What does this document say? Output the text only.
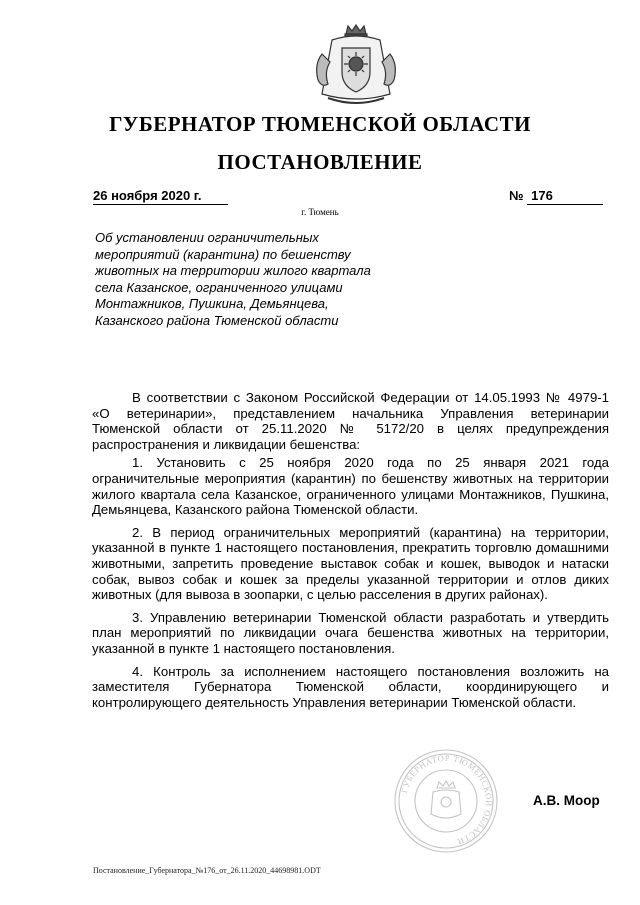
ГУБЕРНАТОР ТЮМЕНСКОЙ ОБЛАСТИ
ПОСТАНОВЛЕНИЕ
26 ноября 2020 г.	№ 176
г. Тюмень
Об установлении ограничительных мероприятий (карантина) по бешенству животных на территории жилого квартала села Казанское, ограниченного улицами Монтажников, Пушкина, Демьянцева, Казанского района Тюменской области

В соответствии с Законом Российской Федерации от 14.05.1993 № 4979-1 «О ветеринарии», представлением начальника Управления ветеринарии Тюменской области от 25.11.2020 № 5172/20 в целях предупреждения распространения и ликвидации бешенства:

1. Установить с 25 ноября 2020 года по 25 января 2021 года ограничительные мероприятия (карантин) по бешенству животных на территории жилого квартала села Казанское, ограниченного улицами Монтажников, Пушкина, Демьянцева, Казанского района Тюменской области.

2. В период ограничительных мероприятий (карантина) на территории, указанной в пункте 1 настоящего постановления, прекратить торговлю домашними животными, запретить проведение выставок собак и кошек, выводок и натаски собак, вывоз собак и кошек за пределы указанной территории и отлов диких животных (для вывоза в зоопарки, с целью расселения в других районах).

3. Управлению ветеринарии Тюменской области разработать и утвердить план мероприятий по ликвидации очага бешенства животных на территории, указанной в пункте 1 настоящего постановления.

4. Контроль за исполнением настоящего постановления возложить на заместителя Губернатора Тюменской области, координирующего и контролирующего деятельность Управления ветеринарии Тюменской области.

ГУБЕРНАТОР ТЮМЕНСКОЙ ОБЛАСТИ
А.В. Моор
Постановление_Губернатора_№176_от_26.11.2020_44698981.ODT
